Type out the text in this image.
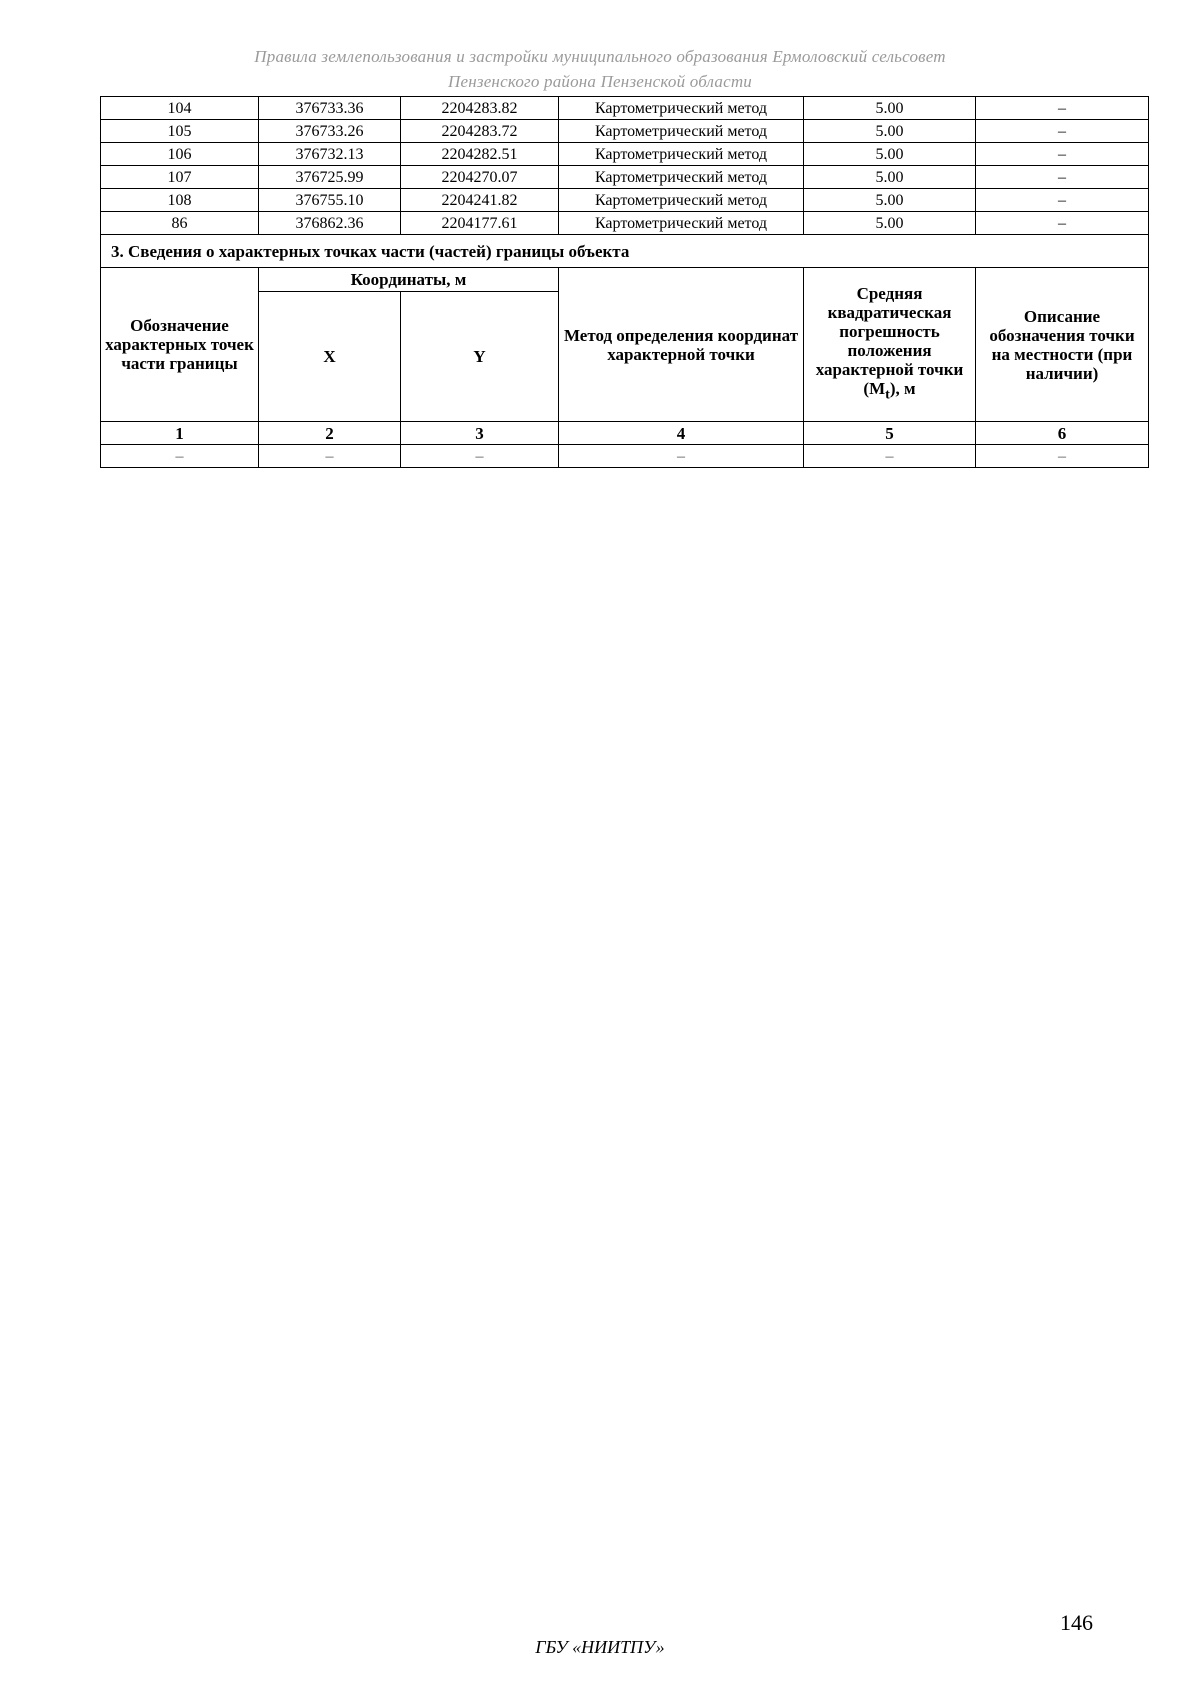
Правила землепользования и застройки муниципального образования Ермоловский сельсовет
Пензенского района Пензенской области
104	376733.36	2204283.82	Картометрический метод	5.00	–
105	376733.26	2204283.72	Картометрический метод	5.00	–
106	376732.13	2204282.51	Картометрический метод	5.00	–
107	376725.99	2204270.07	Картометрический метод	5.00	–
108	376755.10	2204241.82	Картометрический метод	5.00	–
86	376862.36	2204177.61	Картометрический метод	5.00	–
3. Сведения о характерных точках части (частей) границы объекта					
Обозначение характерных точек части границы	Координаты, м		Метод определения координат характерной точки	Средняя квадратическая погрешность положения характерной точки $(M_t)$, м	Описание обозначения точки на местности (при наличии)
	X	Y			
1	2	3	4	5	6
–	–	–	–	–	–
146
ГБУ «НИИТПУ»
